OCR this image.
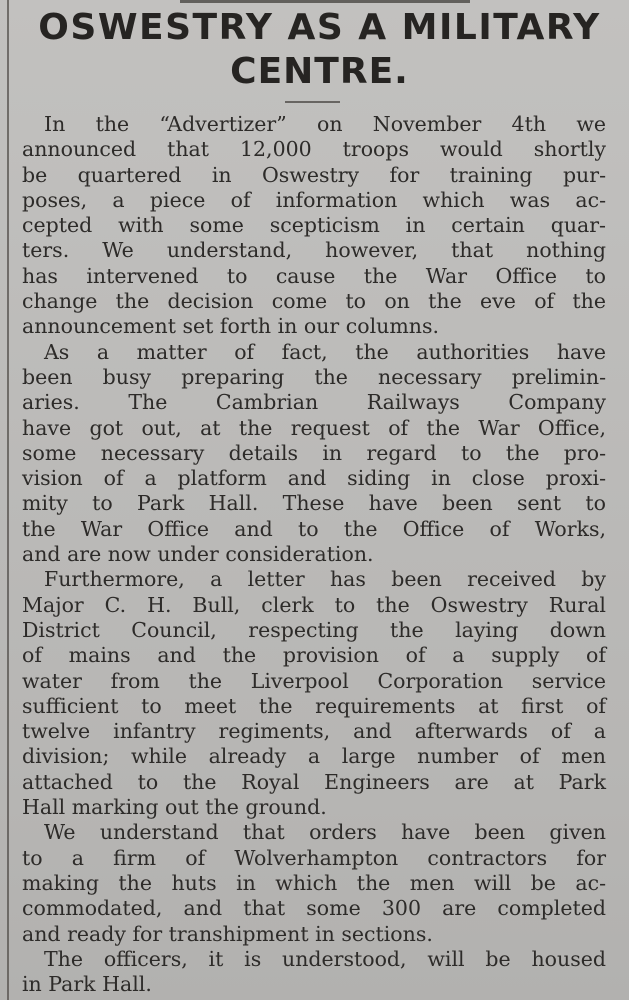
OSWESTRY AS A MILITARY
CENTRE.
In the “Advertizer” on November 4th we
announced that 12,000 troops would shortly
be quartered in Oswestry for training pur-
poses, a piece of information which was ac-
cepted with some scepticism in certain quar-
ters. We understand, however, that nothing
has intervened to cause the War Office to
change the decision come to on the eve of the
announcement set forth in our columns.
As a matter of fact, the authorities have
been busy preparing the necessary prelimin-
aries. The Cambrian Railways Company
have got out, at the request of the War Office,
some necessary details in regard to the pro-
vision of a platform and siding in close proxi-
mity to Park Hall. These have been sent to
the War Office and to the Office of Works,
and are now under consideration.
Furthermore, a letter has been received by
Major C. H. Bull, clerk to the Oswestry Rural
District Council, respecting the laying down
of mains and the provision of a supply of
water from the Liverpool Corporation service
sufficient to meet the requirements at first of
twelve infantry regiments, and afterwards of a
division; while already a large number of men
attached to the Royal Engineers are at Park
Hall marking out the ground.
We understand that orders have been given
to a firm of Wolverhampton contractors for
making the huts in which the men will be ac-
commodated, and that some 300 are completed
and ready for transhipment in sections.
The officers, it is understood, will be housed
in Park Hall.
